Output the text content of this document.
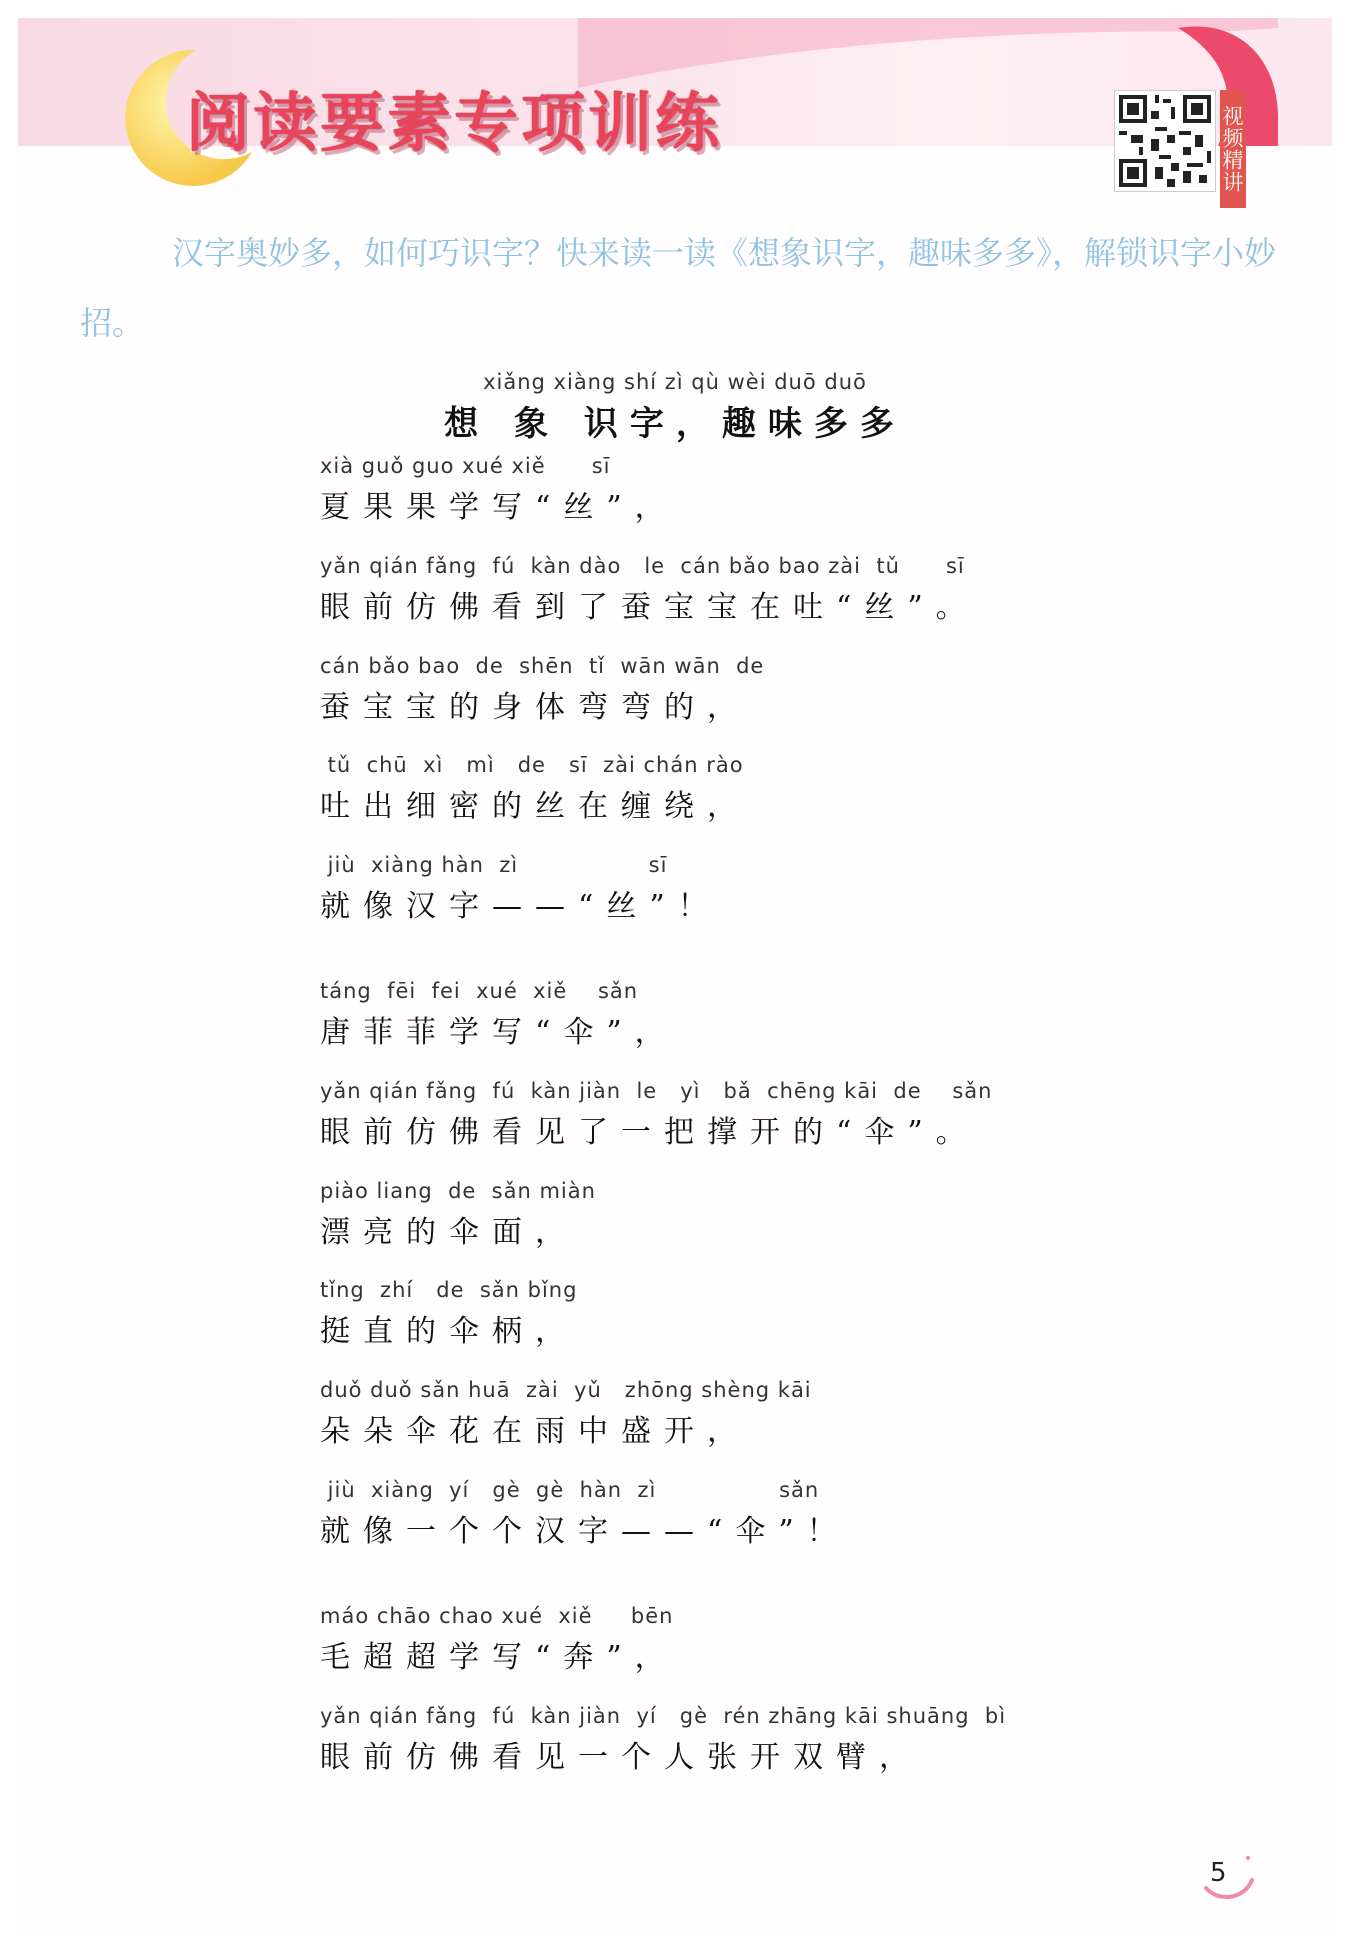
阅读要素专项训练	视频精讲
汉字奥妙多，如何巧识字？快来读一读《想象识字，趣味多多》，解锁识字小妙招。
xiǎng xiàng shí zì qù wèi duō duō
想 象 识字，趣味多多
xià guǒ guo xué xiě      sī
夏果果学写“丝”，
yǎn qián fǎng  fú  kàn dào   le  cán bǎo bao zài  tǔ      sī
眼前仿佛看到了蚕宝宝在吐“丝”。
cán bǎo bao  de  shēn  tǐ  wān wān  de
蚕宝宝的身体弯弯的，
tǔ  chū  xì   mì   de   sī  zài chán rào
吐出细密的丝在缠绕，
jiù  xiàng hàn  zì                 sī
就像汉字——“丝”！
táng  fēi  fei  xué  xiě    sǎn
唐菲菲学写“伞”，
yǎn qián fǎng  fú  kàn jiàn  le   yì   bǎ  chēng kāi  de    sǎn
眼前仿佛看见了一把撑开的“伞”。
piào liang  de  sǎn miàn
漂亮的伞面，
tǐng  zhí   de  sǎn bǐng
挺直的伞柄，
duǒ duǒ sǎn huā  zài  yǔ   zhōng shèng kāi
朵朵伞花在雨中盛开，
jiù  xiàng  yí   gè  gè  hàn  zì                sǎn
就像一个个汉字——“伞”！
máo chāo chao xué  xiě     bēn
毛超超学写“奔”，
yǎn qián fǎng  fú  kàn jiàn  yí   gè  rén zhāng kāi shuāng  bì
眼前仿佛看见一个人张开双臂，
5
